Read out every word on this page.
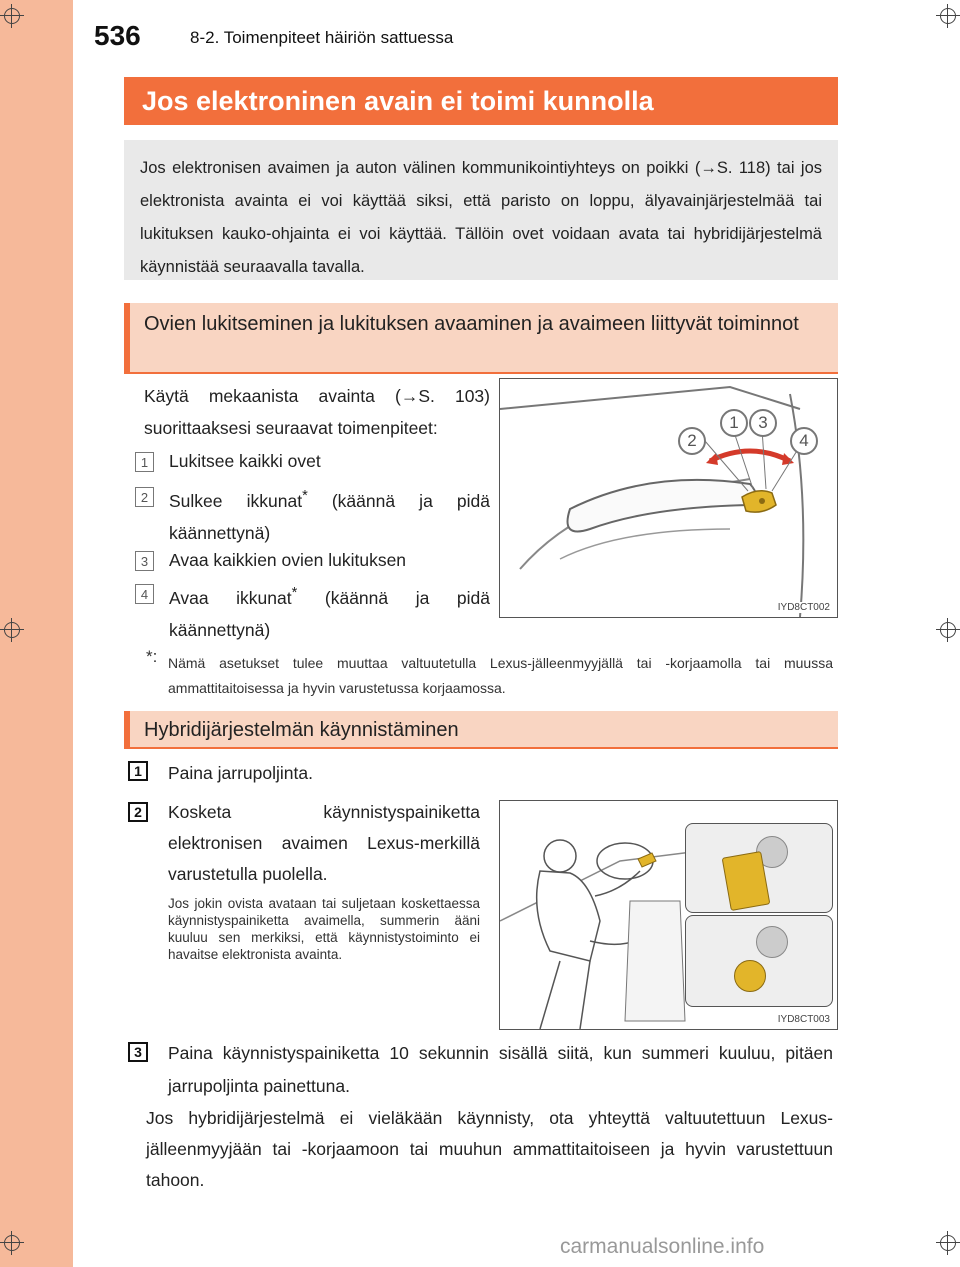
536	8-2. Toimenpiteet häiriön sattuessa
Jos elektroninen avain ei toimi kunnolla
Jos elektronisen avaimen ja auton välinen kommunikointiyhteys on poikki (→S. 118) tai jos elektronista avainta ei voi käyttää siksi, että paristo on loppu, älyavainjärjestelmää tai lukituksen kauko-ohjainta ei voi käyttää. Tällöin ovet voidaan avata tai hybridijärjestelmä käynnistää seuraavalla tavalla.
Ovien lukitseminen ja lukituksen avaaminen ja avaimeen liittyvät toiminnot
Käytä mekaanista avainta (→S. 103) suorittaaksesi seuraavat toimenpiteet:
1 Lukitsee kaikki ovet
2 Sulkee ikkunat* (käännä ja pidä käännettynä)
3 Avaa kaikkien ovien lukituksen
4 Avaa ikkunat* (käännä ja pidä käännettynä)
1	3
2	4
IYD8CT002
*: Nämä asetukset tulee muuttaa valtuutetulla Lexus-jälleenmyyjällä tai -korjaamolla tai muussa ammattitaitoisessa ja hyvin varustetussa korjaamossa.
Hybridijärjestelmän käynnistäminen
1	Paina jarrupoljinta.
2	Kosketa käynnistyspainiketta elektronisen avaimen Lexus-merkillä varustetulla puolella.
Jos jokin ovista avataan tai suljetaan koskettaessa käynnistyspainiketta avaimella, summerin ääni kuuluu sen merkiksi, että käynnistystoiminto ei havaitse elektronista avainta.
IYD8CT003
3	Paina käynnistyspainiketta 10 sekunnin sisällä siitä, kun summeri kuuluu, pitäen jarrupoljinta painettuna.
Jos hybridijärjestelmä ei vieläkään käynnisty, ota yhteyttä valtuutettuun Lexus-jälleenmyyjään tai -korjaamoon tai muuhun ammattitaitoiseen ja hyvin varustettuun tahoon.
carmanualsonline.info
